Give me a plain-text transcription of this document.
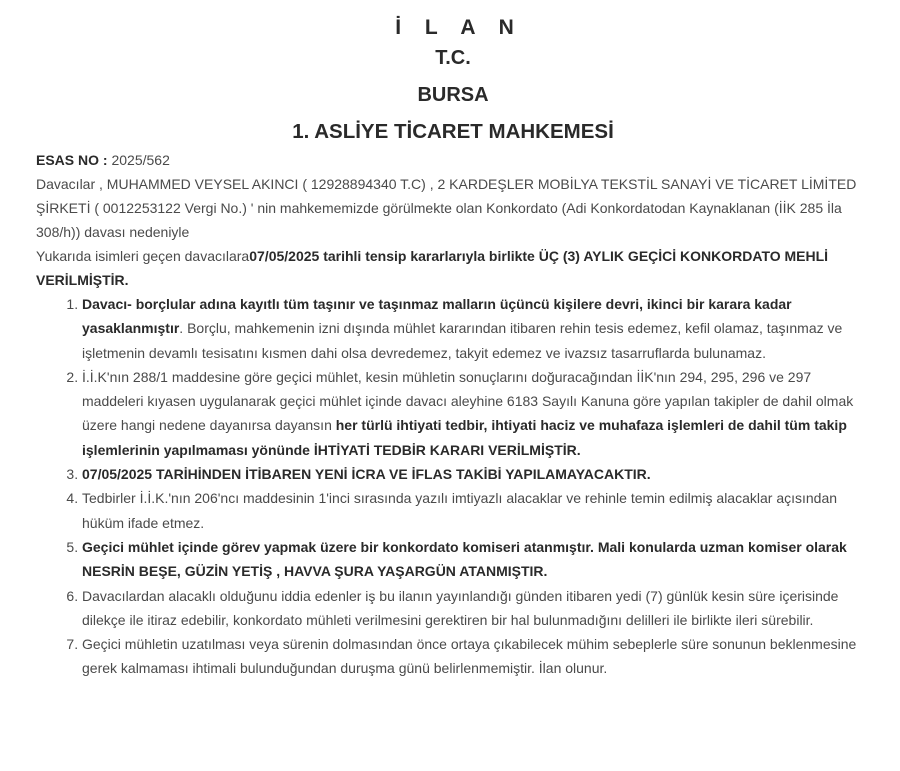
İ L A N
T.C.
BURSA
1. ASLİYE TİCARET MAHKEMESİ

ESAS NO : 2025/562

Davacılar , MUHAMMED VEYSEL AKINCI ( 12928894340 T.C) , 2 KARDEŞLER MOBİLYA TEKSTİL SANAYİ VE TİCARET LİMİTED ŞİRKETİ ( 0012253122 Vergi No.) ' nin mahkememizde görülmekte olan Konkordato (Adi Konkordatodan Kaynaklanan (İİK 285 İla 308/h)) davası nedeniyle

Yukarıda isimleri geçen davacılara07/05/2025 tarihli tensip kararlarıyla birlikte ÜÇ (3) AYLIK GEÇİCİ KONKORDATO MEHLİ VERİLMİŞTİR.

1. Davacı- borçlular adına kayıtlı tüm taşınır ve taşınmaz malların üçüncü kişilere devri, ikinci bir karara kadar yasaklanmıştır. Borçlu, mahkemenin izni dışında mühlet kararından itibaren rehin tesis edemez, kefil olamaz, taşınmaz ve işletmenin devamlı tesisatını kısmen dahi olsa devredemez, takyit edemez ve ivazsız tasarruflarda bulunamaz.
2. İ.İ.K'nın 288/1 maddesine göre geçici mühlet, kesin mühletin sonuçlarını doğuracağından İİK'nın 294, 295, 296 ve 297 maddeleri kıyasen uygulanarak geçici mühlet içinde davacı aleyhine 6183 Sayılı Kanuna göre yapılan takipler de dahil olmak üzere hangi nedene dayanırsa dayansın her türlü ihtiyati tedbir, ihtiyati haciz ve muhafaza işlemleri de dahil tüm takip işlemlerinin yapılmaması yönünde İHTİYATİ TEDBİR KARARI VERİLMİŞTİR.
3. 07/05/2025 TARİHİNDEN İTİBAREN YENİ İCRA VE İFLAS TAKİBİ YAPILAMAYACAKTIR.
4. Tedbirler İ.İ.K.'nın 206'ncı maddesinin 1'inci sırasında yazılı imtiyazlı alacaklar ve rehinle temin edilmiş alacaklar açısından hüküm ifade etmez.
5. Geçici mühlet içinde görev yapmak üzere bir konkordato komiseri atanmıştır. Mali konularda uzman komiser olarak NESRİN BEŞE, GÜZİN YETİŞ , HAVVA ŞURA YAŞARGÜN ATANMIŞTIR.
6. Davacılardan alacaklı olduğunu iddia edenler iş bu ilanın yayınlandığı günden itibaren yedi (7) günlük kesin süre içerisinde dilekçe ile itiraz edebilir, konkordato mühleti verilmesini gerektiren bir hal bulunmadığını delilleri ile birlikte ileri sürebilir.
7. Geçici mühletin uzatılması veya sürenin dolmasından önce ortaya çıkabilecek mühim sebeplerle süre sonunun beklenmesine gerek kalmaması ihtimali bulunduğundan duruşma günü belirlenmemiştir. İlan olunur.
